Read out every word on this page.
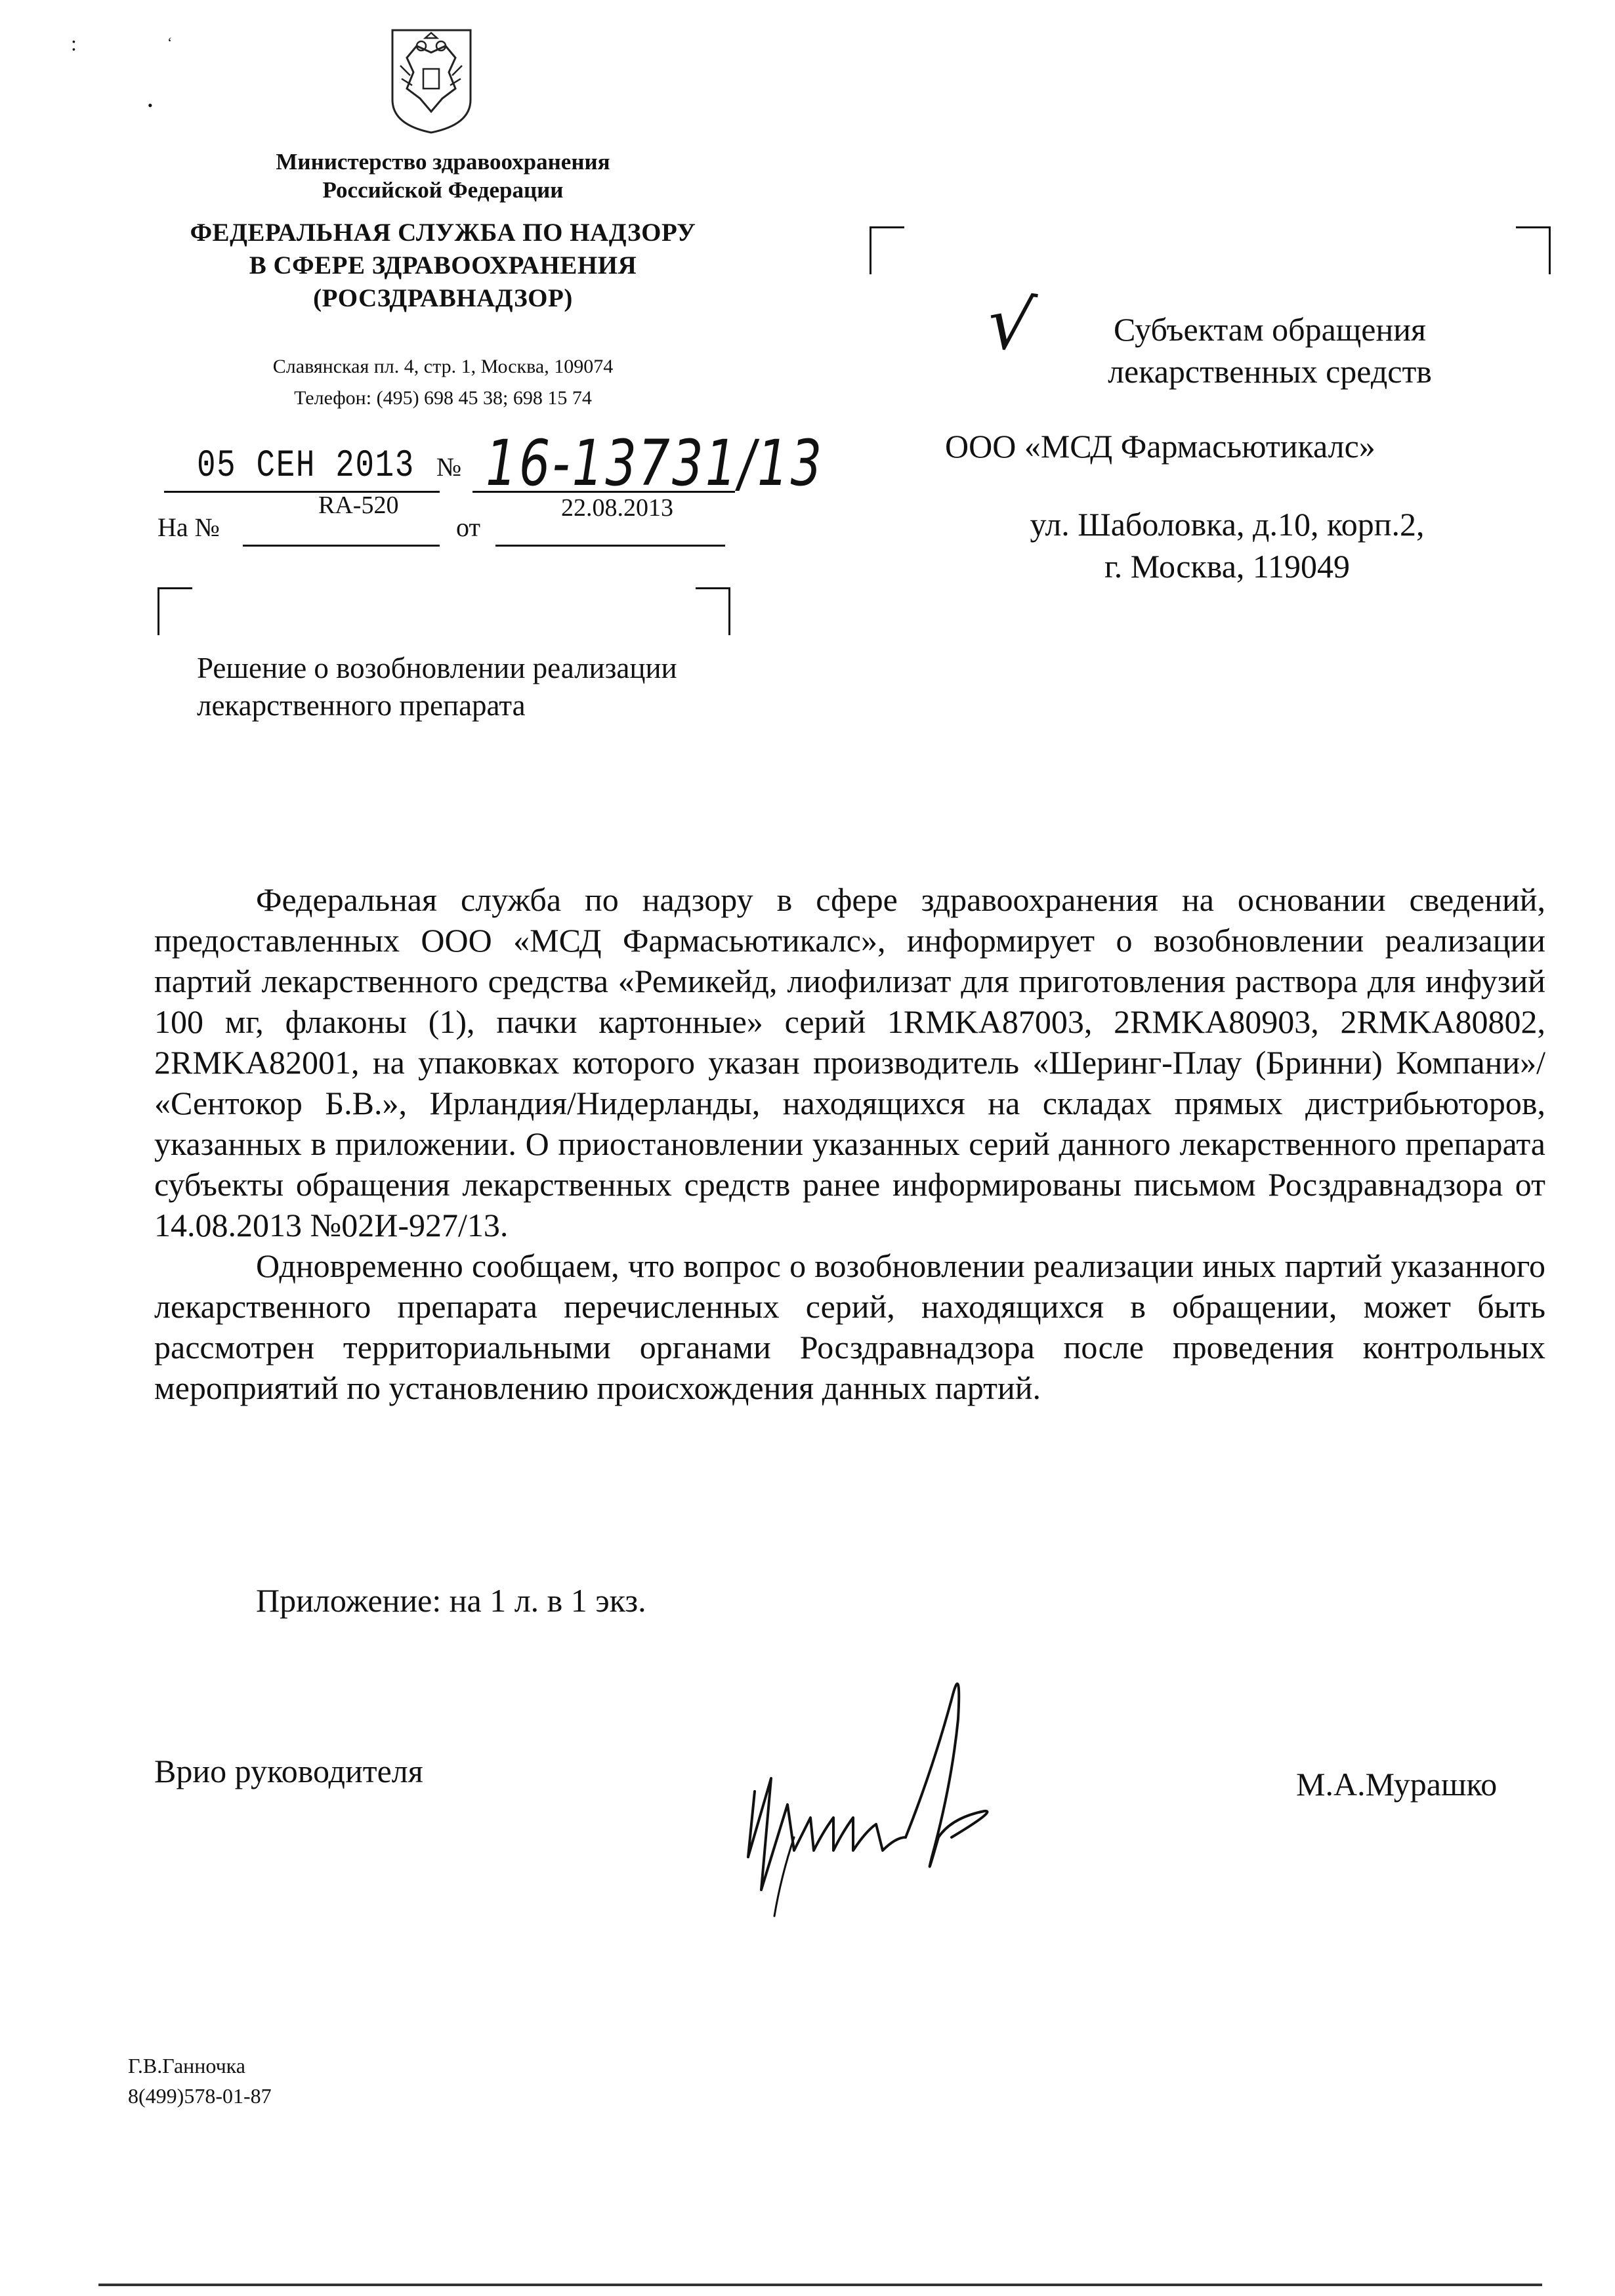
:	‘
•
Министерство здравоохранения
Российской Федерации
ФЕДЕРАЛЬНАЯ СЛУЖБА ПО НАДЗОРУ
В СФЕРЕ ЗДРАВООХРАНЕНИЯ
(РОСЗДРАВНАДЗОР)
Славянская пл. 4, стр. 1, Москва, 109074
Телефон: (495) 698 45 38; 698 15 74
05 СЕН 2013 № 16-13731/13
На №
RA-520
от
22.08.2013
Решение о возобновлении реализации
лекарственного препарата
√	Субъектам обращения
лекарственных средств
ООО «МСД Фармасьютикалс»
ул. Шаболовка, д.10, корп.2,
г. Москва, 119049

Федеральная служба по надзору в сфере здравоохранения на основании сведений, предоставленных ООО «МСД Фармасьютикалс», информирует о возобновлении реализации партий лекарственного средства «Ремикейд, лиофилизат для приготовления раствора для инфузий 100 мг, флаконы (1), пачки картонные» серий 1RMKA87003, 2RMKA80903, 2RMKA80802, 2RMKA82001, на упаковках которого указан производитель «Шеринг-Плау (Бринни) Компани»/ «Сентокор Б.В.», Ирландия/Нидерланды, находящихся на складах прямых дистрибьюторов, указанных в приложении. О приостановлении указанных серий данного лекарственного препарата субъекты обращения лекарственных средств ранее информированы письмом Росздравнадзора от 14.08.2013 №02И-927/13.

Одновременно сообщаем, что вопрос о возобновлении реализации иных партий указанного лекарственного препарата перечисленных серий, находящихся в обращении, может быть рассмотрен территориальными органами Росздравнадзора после проведения контрольных мероприятий по установлению происхождения данных партий.

Приложение: на 1 л. в 1 экз.
Врио руководителя	М.А.Мурашко
Г.В.Ганночка
8(499)578-01-87
